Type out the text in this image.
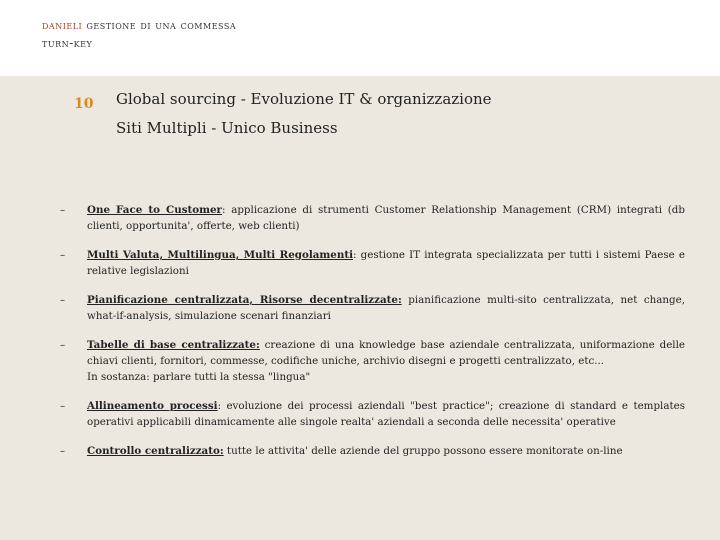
danieli gestione di una commessa
turn-key
10 Global sourcing - Evoluzione IT & organizzazione
Siti Multipli - Unico Business
– One Face to Customer: applicazione di strumenti Customer Relationship Management (CRM) integrati (db clienti, opportunita', offerte, web clienti)
– Multi Valuta, Multilingua, Multi Regolamenti: gestione IT integrata specializzata per tutti i sistemi Paese e relative legislazioni
– Pianificazione centralizzata, Risorse decentralizzate: pianificazione multi-sito centralizzata, net change, what-if-analysis, simulazione scenari finanziari
– Tabelle di base centralizzate: creazione di una knowledge base aziendale centralizzata, uniformazione delle chiavi clienti, fornitori, commesse, codifiche uniche, archivio disegni e progetti centralizzato, etc...
In sostanza: parlare tutti la stessa "lingua"
– Allineamento processi: evoluzione dei processi aziendali "best practice"; creazione di standard e templates operativi applicabili dinamicamente alle singole realta' aziendali a seconda delle necessita' operative
– Controllo centralizzato: tutte le attivita' delle aziende del gruppo possono essere monitorate on-line
